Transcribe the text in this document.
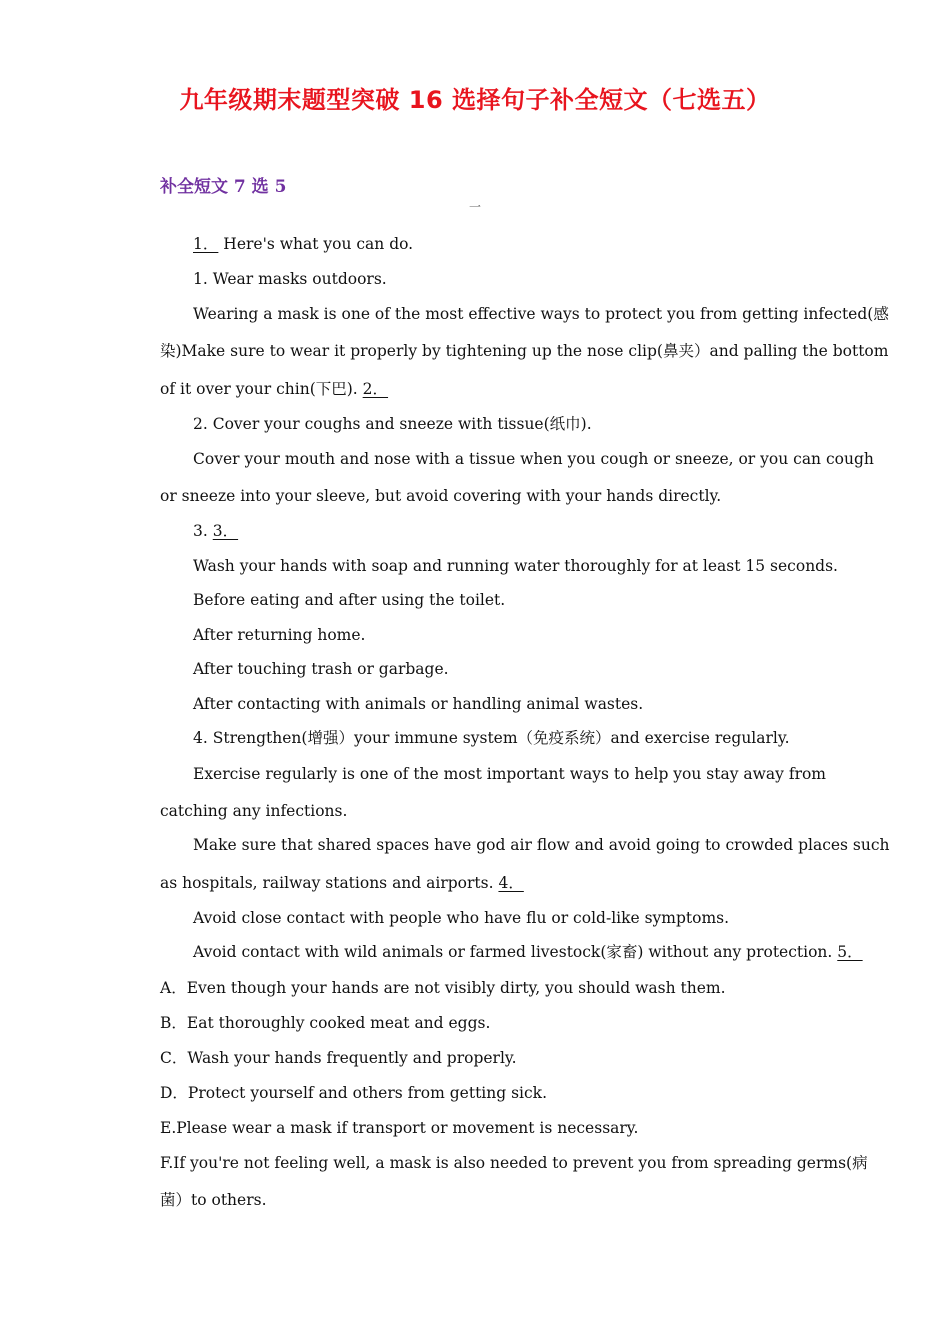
九年级期末题型突破 16 选择句子补全短文（七选五）
补全短文 7 选 5
一
1． Here's what you can do.
1. Wear masks outdoors.
Wearing a mask is one of the most effective ways to protect you from getting infected(感
染)Make sure to wear it properly by tightening up the nose clip(鼻夹）and palling the bottom
of it over your chin(下巴). 2．
2. Cover your coughs and sneeze with tissue(纸巾).
Cover your mouth and nose with a tissue when you cough or sneeze, or you can cough
or sneeze into your sleeve, but avoid covering with your hands directly.
3. 3．
Wash your hands with soap and running water thoroughly for at least 15 seconds.
Before eating and after using the toilet.
After returning home.
After touching trash or garbage.
After contacting with animals or handling animal wastes.
4. Strengthen(增强）your immune system（免疫系统）and exercise regularly.
Exercise regularly is one of the most important ways to help you stay away from
catching any infections.
Make sure that shared spaces have god air flow and avoid going to crowded places such
as hospitals, railway stations and airports. 4．
Avoid close contact with people who have flu or cold-like symptoms.
Avoid contact with wild animals or farmed livestock(家畜) without any protection. 5．
A．Even though your hands are not visibly dirty, you should wash them.
B．Eat thoroughly cooked meat and eggs.
C．Wash your hands frequently and properly.
D．Protect yourself and others from getting sick.
E.Please wear a mask if transport or movement is necessary.
F.If you're not feeling well, a mask is also needed to prevent you from spreading germs(病
菌）to others.
